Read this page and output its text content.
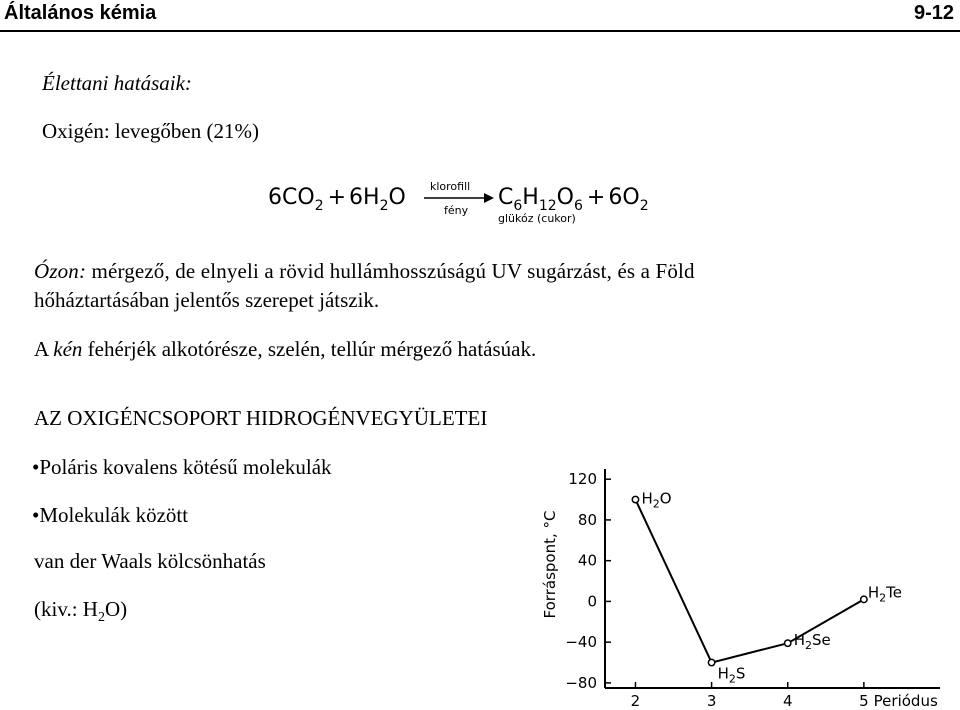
Általános kémia	9-12
Élettani hatásaik:
Oxigén: levegőben (21%)
$6CO_2 + 6H_2O$ klorofill
fény
$C_6H_{12}O_6 + 6O_2$
glükóz (cukor)
Ózon: mérgező, de elnyeli a rövid hullámhosszúságú UV sugárzást, és a Föld
hőháztartásában jelentős szerepet játszik.
A kén fehérjék alkotórésze, szelén, tellúr mérgező hatásúak.
AZ OXIGÉNCSOPORT HIDROGÉNVEGYÜLETEI
•Poláris kovalens kötésű molekulák
•Molekulák között
van der Waals kölcsönhatás
(kiv.: $H_2O$)
120
80
40
0
−40
−80
2	3	4	5 Periódus
Forráspont, °C
$H_2O$
$H_2S$
$H_2Se$
$H_2Te$
